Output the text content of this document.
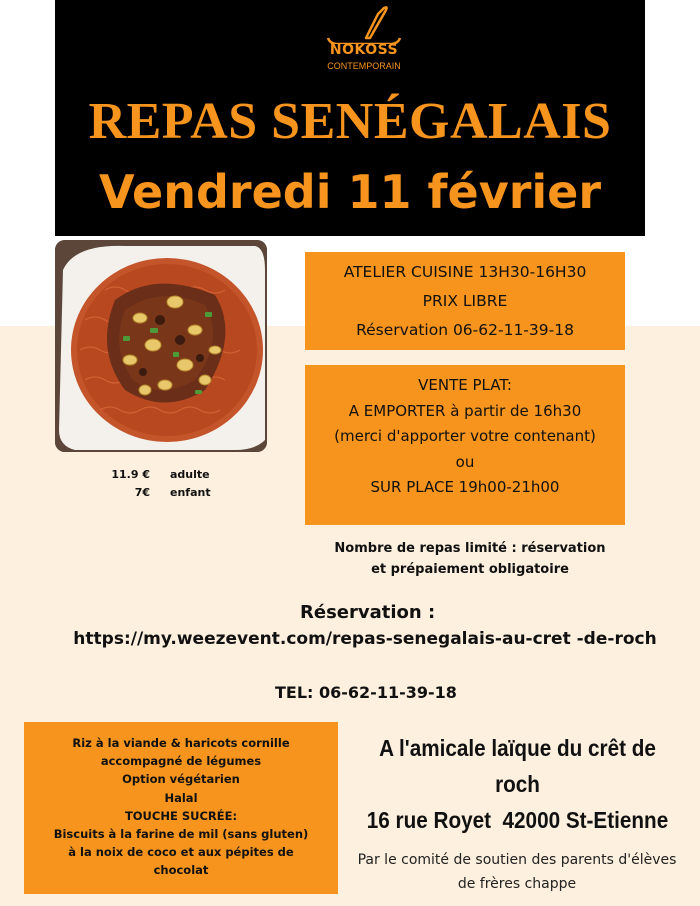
NOKOSS
CONTEMPORAIN
REPAS SENÉGALAIS
Vendredi 11 février
11.9 € adulte
7€ enfant
ATELIER CUISINE 13H30-16H30
PRIX LIBRE
Réservation 06-62-11-39-18
VENTE PLAT:
A EMPORTER à partir de 16h30
(merci d'apporter votre contenant)
ou
SUR PLACE 19h00-21h00
Nombre de repas limité : réservation
et prépaiement obligatoire
Réservation :
https://my.weezevent.com/repas-senegalais-au-cret -de-roch
TEL: 06-62-11-39-18
Riz à la viande & haricots cornille
accompagné de légumes
Option végétarien
Halal
TOUCHE SUCRÉE:
Biscuits à la farine de mil (sans gluten)
à la noix de coco et aux pépites de
chocolat
A l'amicale laïque du crêt de roch
16 rue Royet  42000 St-Etienne
Par le comité de soutien des parents d'élèves
de frères chappe
